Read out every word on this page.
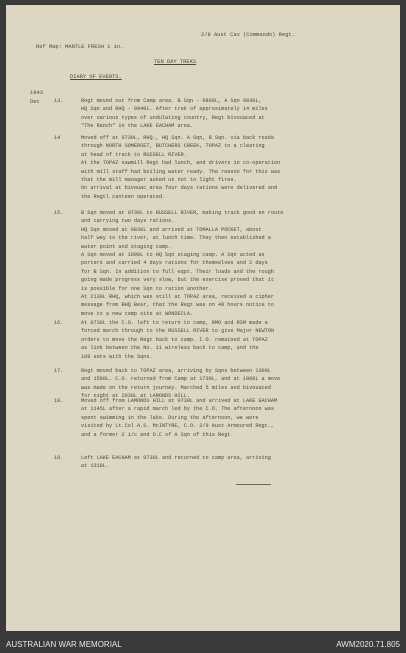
2/8 Aust Cav (Commando) Regt.
Ref Map: MANTLE FRESH 1 in.
TEN DAY TREKS
DIARY OF EVENTS.
1943
Dec	13.	Regt moved out from Camp area. B Sqn - 0800L, A Sqn 0830L,
HQ Sqn and RHQ - 0940L. After trek of approximately 14 miles
over various types of undulating country, Regt bivouaced at
"The Ranch" in the LAKE EACHAM area.
14	Moved off at 0730L, RHQ., HQ Sqn. A Sqn, B Sqn. via back roads
through NORTH SOMERSET, BUTCHERS CREEK, TOPAZ to a clearing
at head of track to RUSSELL RIVER.
At the TOPAZ sawmill Regt had lunch, and drivers in co-operation
with mill staff had boiling water ready. The reason for this was
that the mill manager asked us not to light fires.
On arrival at bivouac area four days rations were delivered and
the Regtl canteen operated.
15.	B Sqn moved at 0730L to RUSSELL RIVER, making track good en route
and carrying two days rations.
HQ Sqn moved at 0830L and arrived at TOMALLA POCKET, about
half way to the river, at lunch time. They then established a
water point and staging camp.
A Sqn moved at 1000L to HQ Sqn staging camp. A Sqn acted as
porters and carried 4 days rations for themselves and 2 days
for B Sqn. In addition to full eqpt. Their loads and the rough
going made progress very slow, but the exercise proved that it
is possible for one Sqn to ration another.
At 2130L RHQ, which was still at TOPAZ area, received a cipher
message from BHQ Bear, that the Regt was on 48 hours notice to
move to a new camp site at WONDECLA.
16.	At 0730L the C.O. left to return to camp, RMO and RSM made a
forced march through to the RUSSELL RIVER to give Major NEWTON
orders to move the Regt back to camp. I.O. remained at TOPAZ
as link between the No. 11 wireless back to camp, and the
108 sets with the Sqns.
17.	Regt moved back to TOPAZ area, arriving by Sqns between 1300L
and 1500L. C.O. returned from Camp at 1730L, and at 1800L a move
was made on the return journey. Marched 5 miles and bivouaced
for night at 2030L at LAMONDS HILL.
18.	Moved off from LAMONDS HILL at 0730L and arrived at LAKE EACHAM
at 1145L after a rapid march led by the C.O. The afternoon was
spent swimming in the lake. During the afternoon, we were
visited by Lt.Col A.S. McINTYRE, C.O. 2/9 Aust Armoured Regt.,
and a former 2 i/c and O.C of A Sqn of this Regt.
19.	Left LAKE EACHAM at 0730L and returned to camp area, arriving
at 1310L.
AUSTRALIAN WAR MEMORIAL	AWM2020.71.805
